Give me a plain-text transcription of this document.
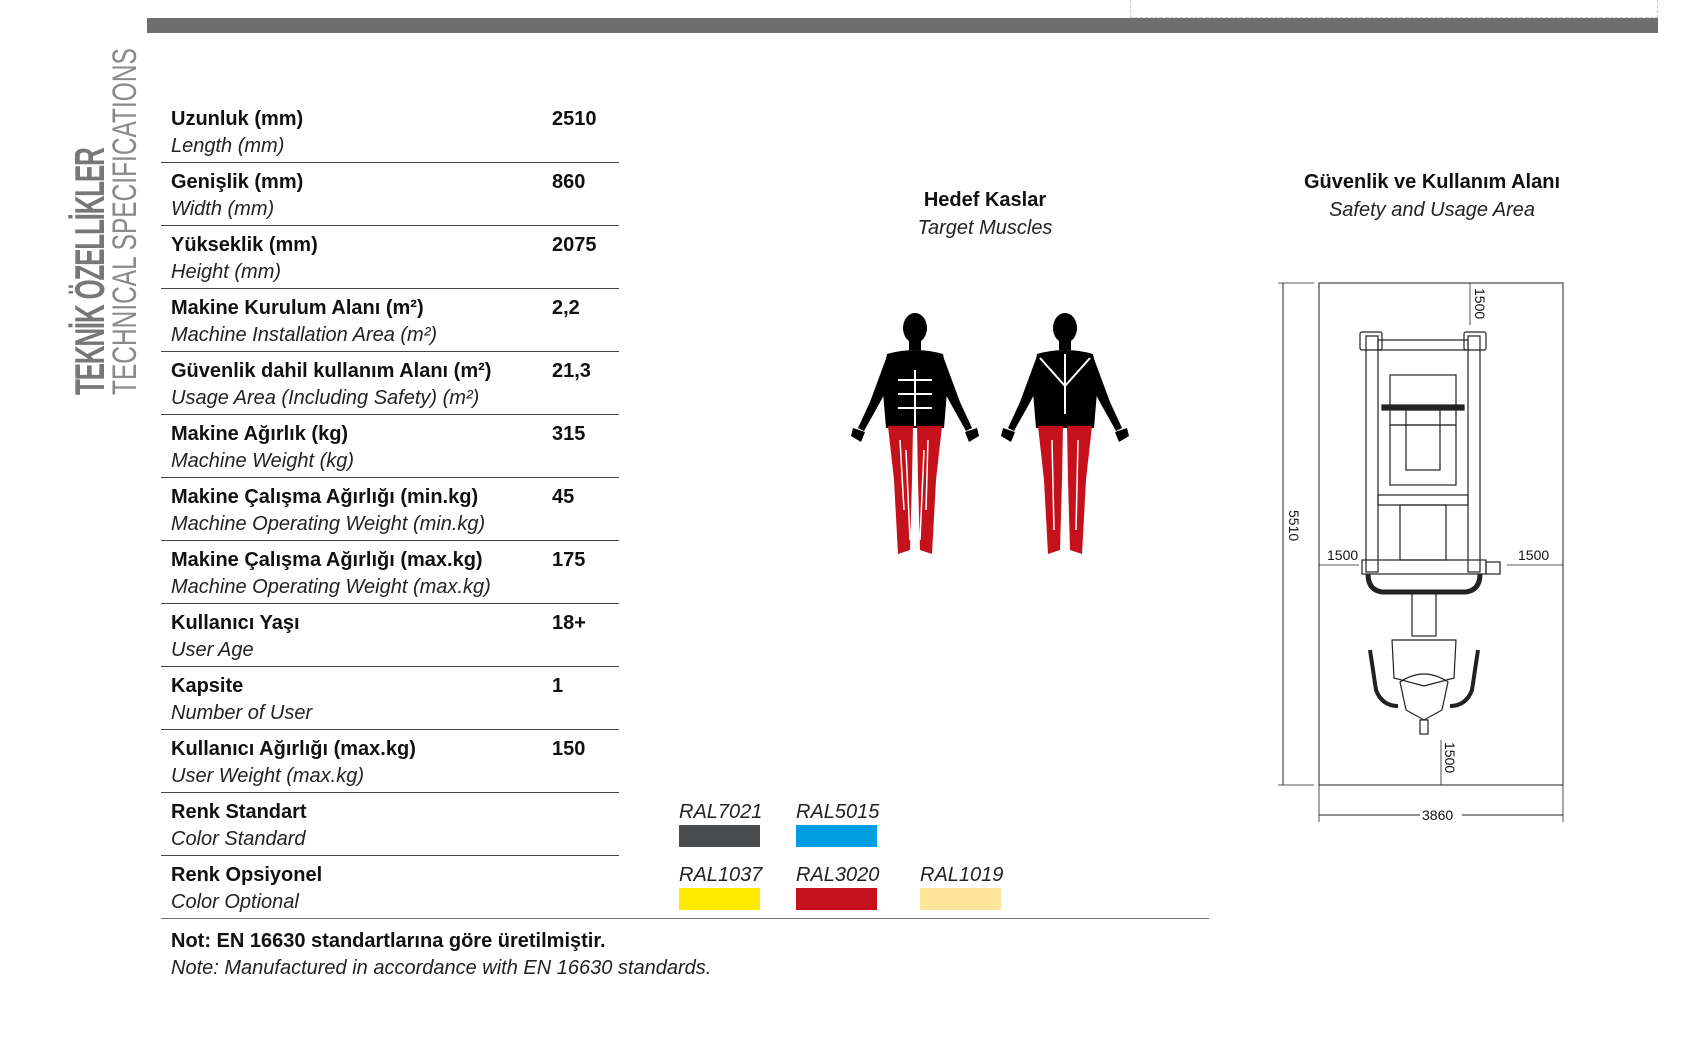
TEKNİK ÖZELLİKLER
TECHNICAL SPECIFICATIONS Uzunluk (mm)
Length (mm)
2510
Genişlik (mm)
Width (mm)
860
Yükseklik (mm)
Height (mm)
2075
Makine Kurulum Alanı (m²)
Machine Installation Area (m²)
2,2
Güvenlik dahil kullanım Alanı (m²)
Usage Area (Including Safety) (m²)
21,3
Makine Ağırlık (kg)
Machine Weight (kg)
315
Makine Çalışma Ağırlığı (min.kg)
Machine Operating Weight (min.kg)
45
Makine Çalışma Ağırlığı (max.kg)
Machine Operating Weight (max.kg)
175
Kullanıcı Yaşı
User Age
18+
Kapsite
Number of User
1
Kullanıcı Ağırlığı (max.kg)
User Weight (max.kg)
150
Renk Standart
Color Standard
RAL7021 RAL5015
Renk Opsiyonel
Color Optional
RAL1037 RAL3020 RAL1019
Not: EN 16630 standartlarına göre üretilmiştir.
Note: Manufactured in accordance with EN 16630 standards.
Hedef Kaslar
Target Muscles
Güvenlik ve Kullanım Alanı
Safety and Usage Area
5510
3860
1500
1500	1500
1500
